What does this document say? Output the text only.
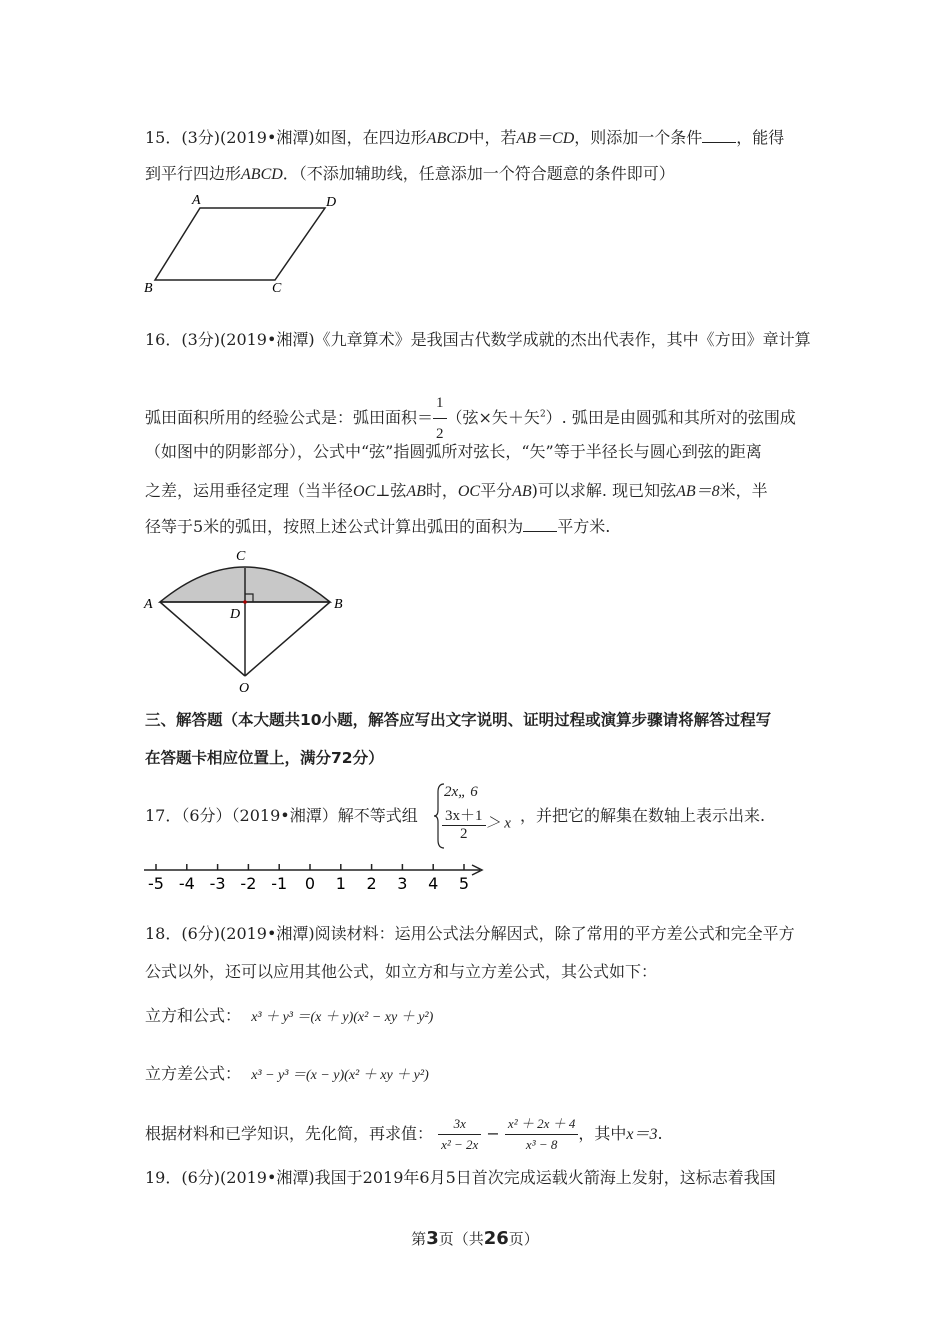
15．(3分)(2019•湘潭)如图，在四边形ABCD中，若AB＝CD，则添加一个条件 ，能得
到平行四边形ABCD．（不添加辅助线，任意添加一个符合题意的条件即可）
A	D
B	C
16．(3分)(2019•湘潭)《九章算术》是我国古代数学成就的杰出代表作，其中《方田》章计算
弧田面积所用的经验公式是：弧田面积＝ $\frac{1}{2}$ （弦×矢＋矢$^2$）. 弧田是由圆弧和其所对的弦围成
（如图中的阴影部分），公式中“弦”指圆弧所对弦长，“矢”等于半径长与圆心到弦的距离
之差，运用垂径定理（当半径OC⊥弦AB时，OC平分AB)可以求解. 现已知弦AB＝8米，半
径等于5米的弧田，按照上述公式计算出弧田的面积为 平方米.
C
A	B
D
O
三、解答题（本大题共10小题，解答应写出文字说明、证明过程或演算步骤请将解答过程写
在答题卡相应位置上，满分72分）
17．（6分）（2019•湘潭）解不等式组
2x„ 6
$\frac{3x+1}{2} > x$ ，并把它的解集在数轴上表示出来.
-5 -4 -3 -2 -1 0 1 2 3 4 5
18．(6分)(2019•湘潭)阅读材料：运用公式法分解因式，除了常用的平方差公式和完全平方
公式以外，还可以应用其他公式，如立方和与立方差公式，其公式如下：
立方和公式： x³ ＋ y³ ＝(x ＋ y)(x² − xy ＋ y²)
立方差公式： x³ − y³ ＝(x − y)(x² ＋ xy ＋ y²)
根据材料和已学知识，先化简，再求值： $\frac{3x}{\text{x² − 2x}} - \frac{\text{x² ＋ 2x ＋ 4}}{\text{x³ − 8}}$ ，其中x＝3.
19．(6分)(2019•湘潭)我国于2019年6月5日首次完成运载火箭海上发射，这标志着我国
第3页（共26页）
